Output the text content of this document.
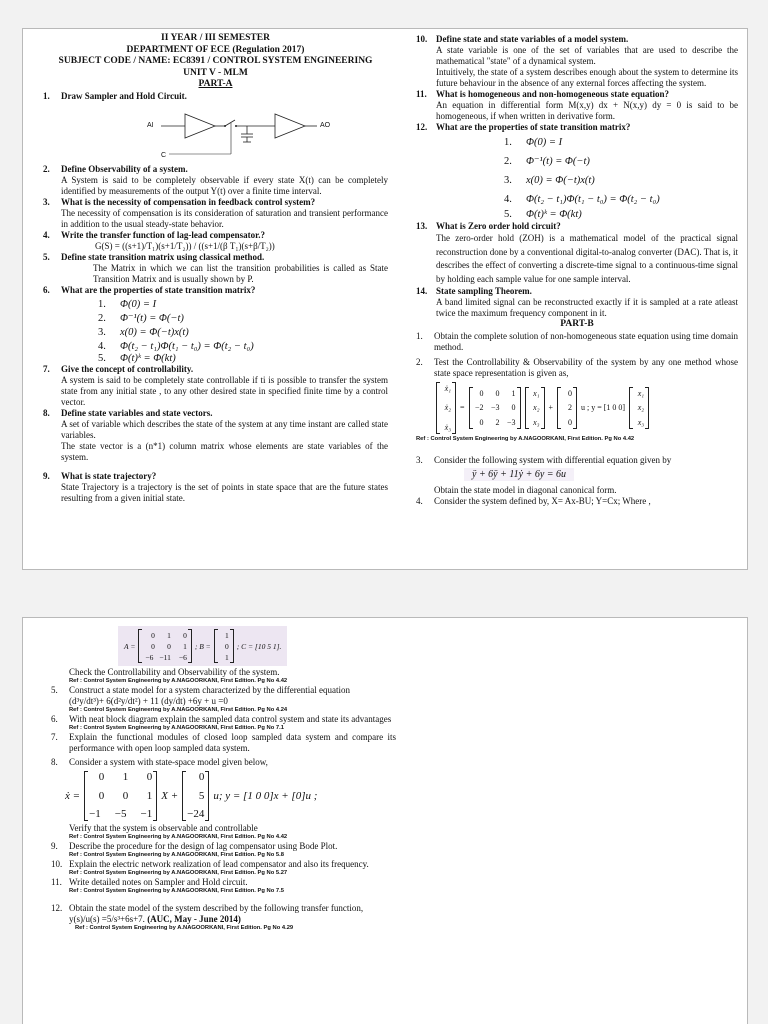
II YEAR / III SEMESTER
DEPARTMENT OF ECE (Regulation 2017)
SUBJECT CODE / NAME: EC8391 / CONTROL SYSTEM ENGINEERING
UNIT V - MLM
PART-A
1.	Draw Sampler and Hold Circuit.
AI	AO
C
2.	Define Observability of a system.
A System is said to be completely observable if every state X(t) can be completely identified by measurements of the output Y(t) over a finite time interval.
3.	What is the necessity of compensation in feedback control system?
The necessity of compensation is its consideration of saturation and transient performance in addition to the usual steady-state behavior.
4.	Write the transfer function of lag-lead compensator.?
G(S) = ((s+1)/T₁)(s+1/T₂)) / ((s+1/(β T₁)(s+β/T₂))
5.	Define state transition matrix using classical method.
The Matrix in which we can list the transition probabilities is called as State Transition Matrix and is usually shown by P.
6.	What are the properties of state transition matrix?
1. Φ(0) = I
2. Φ⁻¹(t) = Φ(−t)
3. x(0) = Φ(−t)x(t)
4. Φ(t₂ − t₁)Φ(t₁ − t₀) = Φ(t₂ − t₀)
5. Φ(t)ᵏ = Φ(kt)
7.	Give the concept of controllability.
A system is said to be completely state controllable if ti is possible to transfer the system state from any initial state , to any other desired state in specified finite time by a control vector.
8.	Define state variables and state vectors.
A set of variable which describes the state of the system at any time instant are called state variables.
The state vector is a (n*1) column matrix whose elements are state variables of the system.
9.	What is state trajectory?
State Trajectory is a trajectory is the set of points in state space that are the future states resulting from a given initial state.
10. Define state and state variables of a model system.
A state variable is one of the set of variables that are used to describe the mathematical "state" of a dynamical system.
Intuitively, the state of a system describes enough about the system to determine its future behaviour in the absence of any external forces affecting the system.
11.	What is homogeneous and non-homogeneous state equation?
An equation in differential form M(x,y) dx + N(x,y) dy = 0 is said to be homogeneous, if when written in derivative form.
12. What are the properties of state transition matrix?
1. Φ(0) = I
2. Φ⁻¹(t) = Φ(−t)
3. x(0) = Φ(−t)x(t)
4. Φ(t₂ − t₁)Φ(t₁ − t₀) = Φ(t₂ − t₀)
5. Φ(t)ᵏ = Φ(kt)
13. What is Zero order hold circuit?
The zero-order hold (ZOH) is a mathematical model of the practical signal reconstruction done by a conventional digital-to-analog converter (DAC). That is, it describes the effect of converting a discrete-time signal to a continuous-time signal by holding each sample value for one sample interval.
14. State sampling Theorem.
A band limited signal can be reconstructed exactly if it is sampled at a rate atleast twice the maximum frequency component in it.
PART-B
1.	Obtain the complete solution of non-homogeneous state equation using time domain method.
2.	Test the Controllability & Observability of the system by any one method whose state space representation is given as,
ẋ₁
ẋ₂
ẋ₃
=
0	0	1
−2 −3	0
0	2 −3
x₁
x₂
x₃
+
0
2
0
u ; y = [1 0 0]
x₁
x₂
x₃
Ref : Control System Engineering by A.NAGOORKANI, First Edition. Pg No 4.42
3.	Consider the following system with differential equation given by
ÿ + 6ÿ + 11ẏ + 6y = 6u
Obtain the state model in diagonal canonical form.
4.	Consider the system defined by, X= Ax-BU; Y=Cx; Where ,
A =
0	1	0
0	0	1
−6 −11 −6
; B =
1
0
1
; C = [10 5 1].
Check the Controllability and Observability of the system.
Ref : Control System Engineering by A.NAGOORKANI, First Edition. Pg No 4.42
5.	Construct a state model for a system characterized by the differential equation
(d³y/dt³)+ 6(d²y/dt²) + 11 (dy/dt) +6y + u =0
Ref : Control System Engineering by A.NAGOORKANI, First Edition. Pg No 4.24
6.	With neat block diagram explain the sampled data control system and state its advantages
Ref : Control System Engineering by A.NAGOORKANI, First Edition. Pg No 7.1
7.	Explain the functional modules of closed loop sampled data system and compare its performance with open loop sampled data system.
8.	Consider a system with state-space model given below,
ẋ =
0	1	0
0	0	1
−1 −5 −1
X +
0
5
−24
u; y = [1 0 0]x + [0]u ;
Verify that the system is observable and controllable
Ref : Control System Engineering by A.NAGOORKANI, First Edition. Pg No 4.42
9.	Describe the procedure for the design of lag compensator using Bode Plot.
Ref : Control System Engineering by A.NAGOORKANI, First Edition. Pg No 5.8
10. Explain the electric network realization of lead compensator and also its frequency.
Ref : Control System Engineering by A.NAGOORKANI, First Edition. Pg No 5.27
11. Write detailed notes on Sampler and Hold circuit.
Ref : Control System Engineering by A.NAGOORKANI, First Edition. Pg No 7.5
12. Obtain the state model of the system described by the following transfer function,
y(s)/u(s) =5/s³+6s+7. (AUC, May - June 2014)
Ref : Control System Engineering by A.NAGOORKANI, First Edition. Pg No 4.29
